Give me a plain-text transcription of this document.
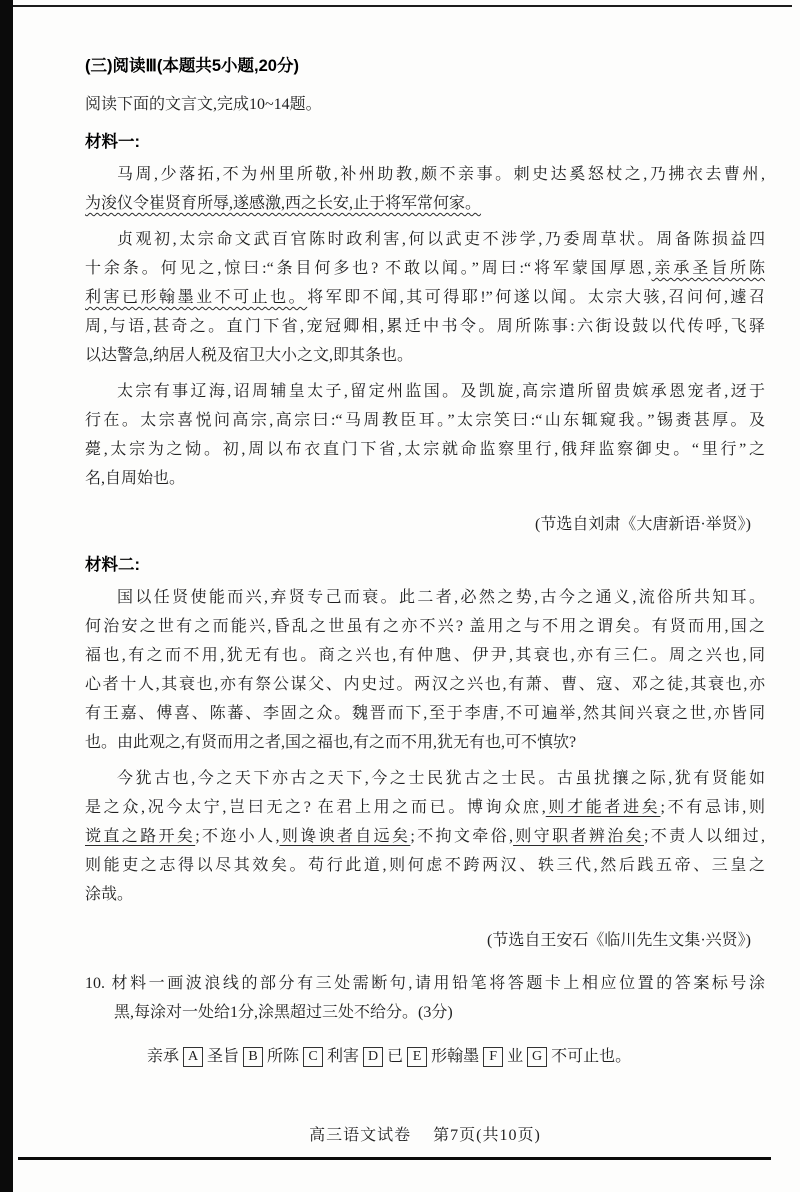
(三)阅读Ⅲ(本题共5小题,20分)
阅读下面的文言文,完成10~14题。
材料一:
马周,少落拓,不为州里所敬,补州助教,颇不亲事。刺史达奚怒杖之,乃拂衣去曹州,
为浚仪令崔贤育所辱,遂感激,西之长安,止于将军常何家。
贞观初,太宗命文武百官陈时政利害,何以武吏不涉学,乃委周草状。周备陈损益四
十余条。何见之,惊曰:“条目何多也? 不敢以闻。”周曰:“将军蒙国厚恩,亲承圣旨所陈
利害已形翰墨业不可止也。将军即不闻,其可得耶!”何遂以闻。太宗大骇,召问何,遽召
周,与语,甚奇之。直门下省,宠冠卿相,累迁中书令。周所陈事:六街设鼓以代传呼,飞驿
以达警急,纳居人税及宿卫大小之文,即其条也。
太宗有事辽海,诏周辅皇太子,留定州监国。及凯旋,高宗遣所留贵嫔承恩宠者,迓于
行在。太宗喜悦问高宗,高宗曰:“马周教臣耳。”太宗笑曰:“山东辄窥我。”锡赉甚厚。及
薨,太宗为之恸。初,周以布衣直门下省,太宗就命监察里行,俄拜监察御史。“里行”之
名,自周始也。
(节选自刘肃《大唐新语·举贤》)
材料二:
国以任贤使能而兴,弃贤专己而衰。此二者,必然之势,古今之通义,流俗所共知耳。
何治安之世有之而能兴,昏乱之世虽有之亦不兴? 盖用之与不用之谓矣。有贤而用,国之
福也,有之而不用,犹无有也。商之兴也,有仲虺、伊尹,其衰也,亦有三仁。周之兴也,同
心者十人,其衰也,亦有祭公谋父、内史过。两汉之兴也,有萧、曹、寇、邓之徒,其衰也,亦
有王嘉、傅喜、陈蕃、李固之众。魏晋而下,至于李唐,不可遍举,然其间兴衰之世,亦皆同
也。由此观之,有贤而用之者,国之福也,有之而不用,犹无有也,可不慎欤?
今犹古也,今之天下亦古之天下,今之士民犹古之士民。古虽扰攘之际,犹有贤能如
是之众,况今太宁,岂曰无之? 在君上用之而已。博询众庶,则才能者进矣;不有忌讳,则
谠直之路开矣;不迩小人,则谗谀者自远矣;不拘文牵俗,则守职者辨治矣;不责人以细过,
则能吏之志得以尽其效矣。苟行此道,则何虑不跨两汉、轶三代,然后践五帝、三皇之
涂哉。
(节选自王安石《临川先生文集·兴贤》)
10. 材料一画波浪线的部分有三处需断句,请用铅笔将答题卡上相应位置的答案标号涂
黑,每涂对一处给1分,涂黑超过三处不给分。(3分)
亲承 A 圣旨 B 所陈 C 利害 D 已 E 形翰墨 F 业 G 不可止也。
高三语文试卷 第7页(共10页)
